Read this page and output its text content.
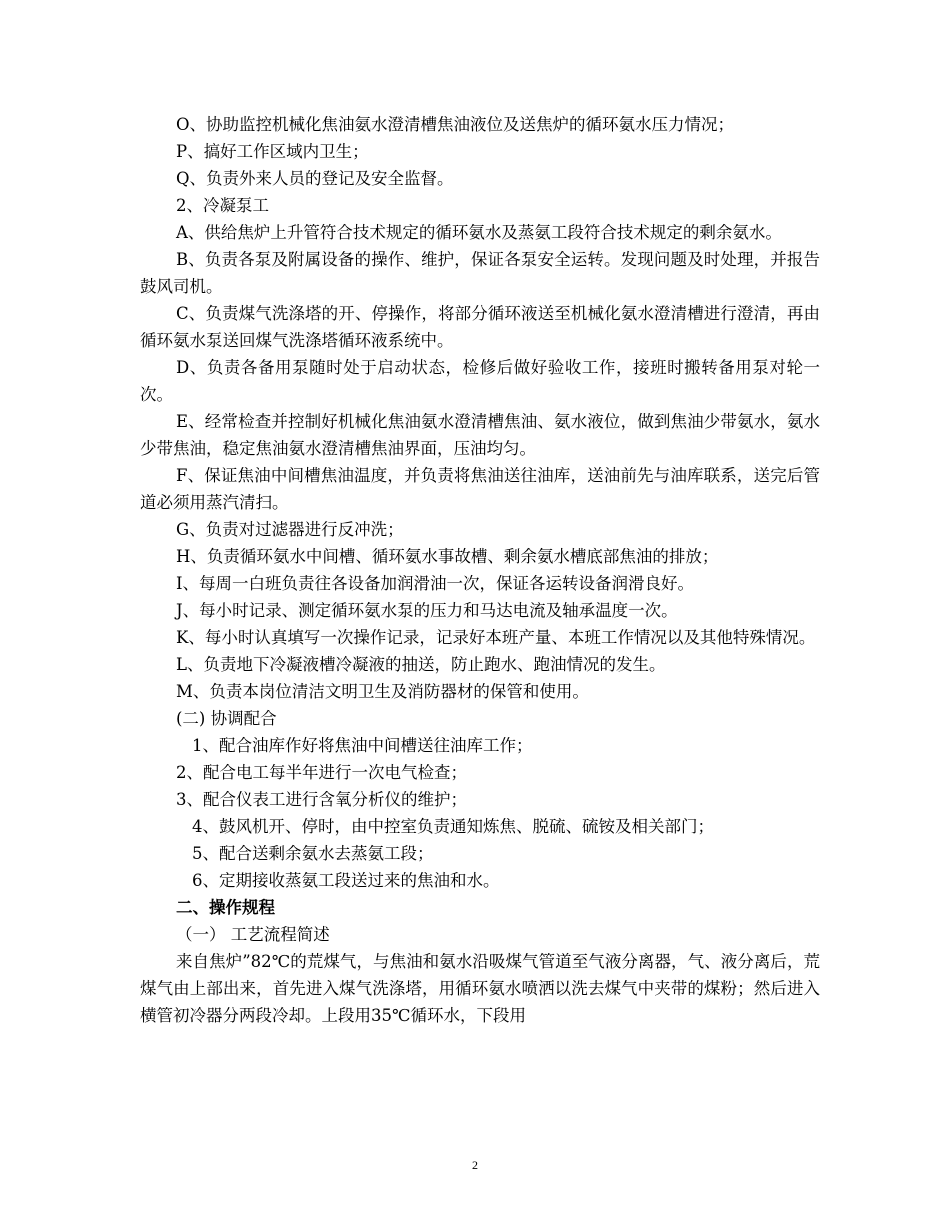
O、协助监控机械化焦油氨水澄清槽焦油液位及送焦炉的循环氨水压力情况；

P、搞好工作区域内卫生；

Q、负责外来人员的登记及安全监督。

2、冷凝泵工

A、供给焦炉上升管符合技术规定的循环氨水及蒸氨工段符合技术规定的剩余氨水。

B、负责各泵及附属设备的操作、维护，保证各泵安全运转。发现问题及时处理，并报告鼓风司机。

C、负责煤气洗涤塔的开、停操作，将部分循环液送至机械化氨水澄清槽进行澄清，再由循环氨水泵送回煤气洗涤塔循环液系统中。

D、负责各备用泵随时处于启动状态，检修后做好验收工作，接班时搬转备用泵对轮一次。

E、经常检查并控制好机械化焦油氨水澄清槽焦油、氨水液位，做到焦油少带氨水，氨水少带焦油，稳定焦油氨水澄清槽焦油界面，压油均匀。

F、保证焦油中间槽焦油温度，并负责将焦油送往油库，送油前先与油库联系，送完后管道必须用蒸汽清扫。

G、负责对过滤器进行反冲洗；

H、负责循环氨水中间槽、循环氨水事故槽、剩余氨水槽底部焦油的排放；

I、每周一白班负责往各设备加润滑油一次，保证各运转设备润滑良好。

J、每小时记录、测定循环氨水泵的压力和马达电流及轴承温度一次。

K、每小时认真填写一次操作记录，记录好本班产量、本班工作情况以及其他特殊情况。

L、负责地下冷凝液槽冷凝液的抽送，防止跑水、跑油情况的发生。

M、负责本岗位清洁文明卫生及消防器材的保管和使用。

(二) 协调配合

1、配合油库作好将焦油中间槽送往油库工作；

2、配合电工每半年进行一次电气检查；

3、配合仪表工进行含氧分析仪的维护；

4、鼓风机开、停时，由中控室负责通知炼焦、脱硫、硫铵及相关部门；

5、配合送剩余氨水去蒸氨工段；

6、定期接收蒸氨工段送过来的焦油和水。

二、操作规程

（一） 工艺流程简述

来自焦炉”82℃的荒煤气，与焦油和氨水沿吸煤气管道至气液分离器，气、液分离后，荒煤气由上部出来，首先进入煤气洗涤塔，用循环氨水喷洒以洗去煤气中夹带的煤粉；然后进入横管初冷器分两段冷却。上段用35℃循环水，下段用

2
